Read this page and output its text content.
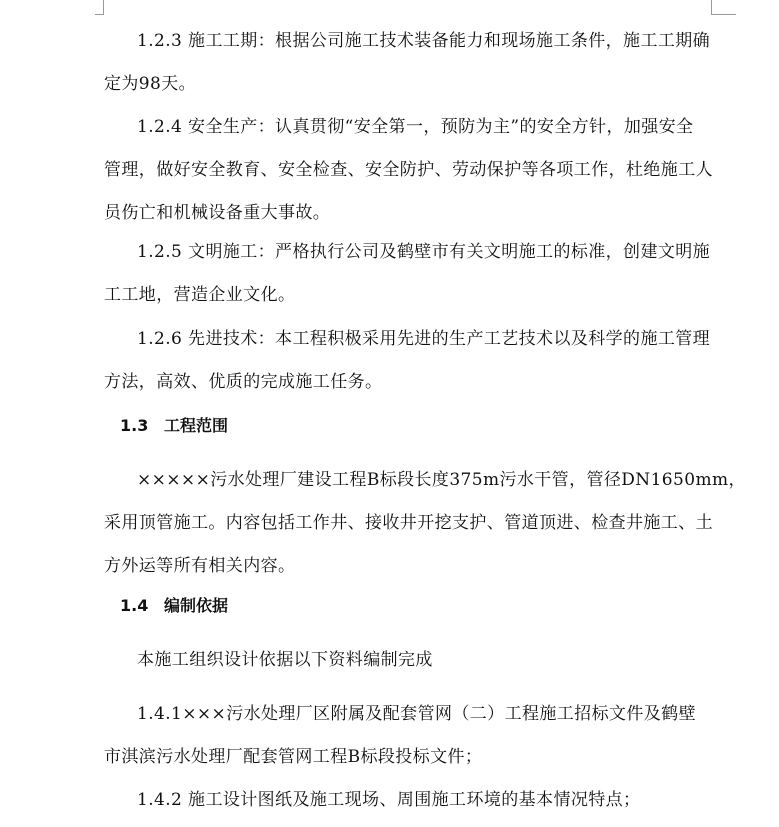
1.2.3 施工工期：根据公司施工技术装备能力和现场施工条件，施工工期确
定为98天。
1.2.4 安全生产：认真贯彻“安全第一，预防为主”的安全方针，加强安全
管理，做好安全教育、安全检查、安全防护、劳动保护等各项工作，杜绝施工人
员伤亡和机械设备重大事故。
1.2.5 文明施工：严格执行公司及鹤壁市有关文明施工的标准，创建文明施
工工地，营造企业文化。
1.2.6 先进技术：本工程积极采用先进的生产工艺技术以及科学的施工管理
方法，高效、优质的完成施工任务。
1.3 工程范围
×××××污水处理厂建设工程B标段长度375m污水干管，管径DN1650mm，
采用顶管施工。内容包括工作井、接收井开挖支护、管道顶进、检查井施工、土
方外运等所有相关内容。
1.4 编制依据
本施工组织设计依据以下资料编制完成
1.4.1×××污水处理厂区附属及配套管网（二）工程施工招标文件及鹤壁
市淇滨污水处理厂配套管网工程B标段投标文件；
1.4.2 施工设计图纸及施工现场、周围施工环境的基本情况特点；
